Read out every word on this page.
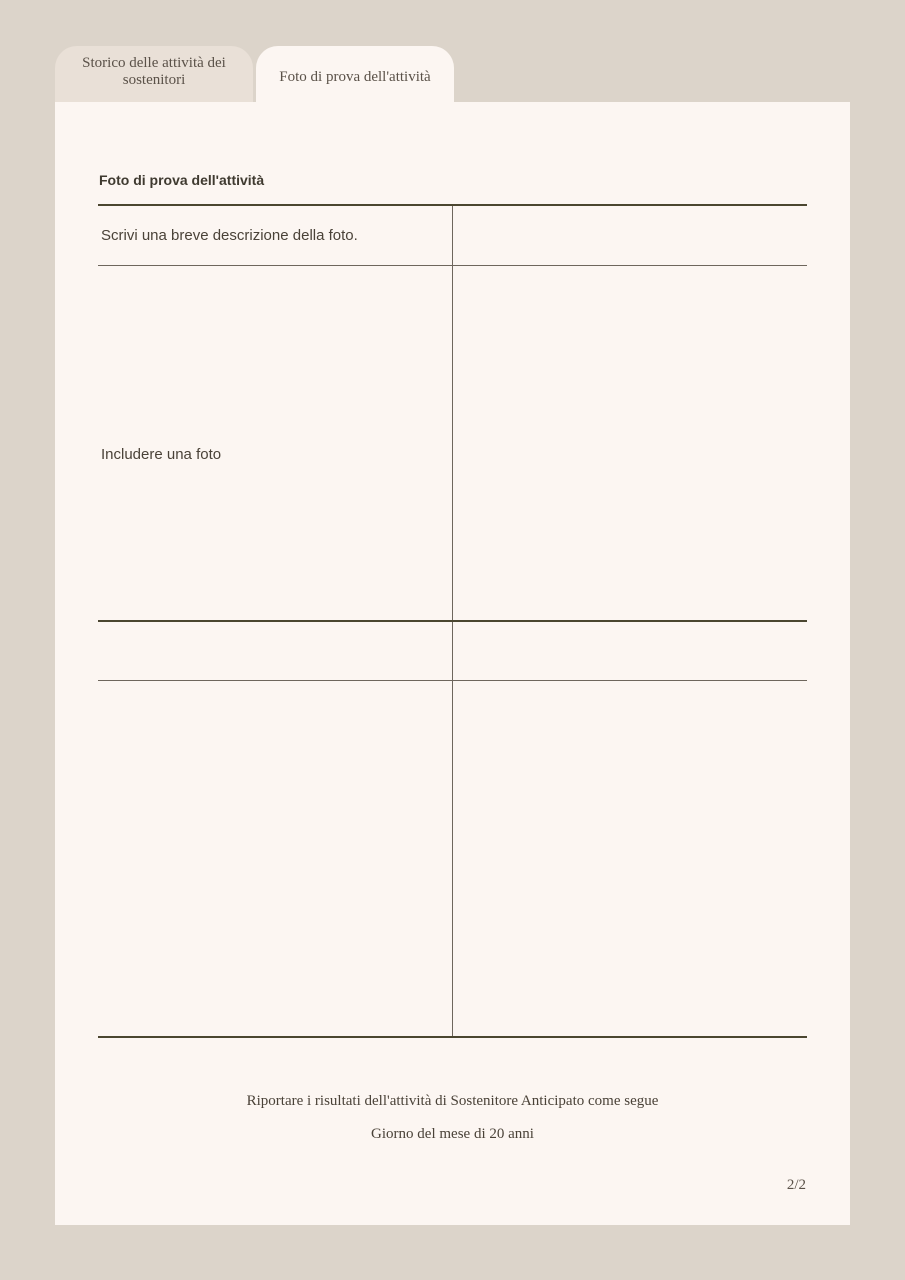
Storico delle attività dei sostenitori	Foto di prova dell'attività
Foto di prova dell'attività
Scrivi una breve descrizione della foto.
Includere una foto
Riportare i risultati dell'attività di Sostenitore Anticipato come segue
Giorno del mese di 20 anni
2/2
